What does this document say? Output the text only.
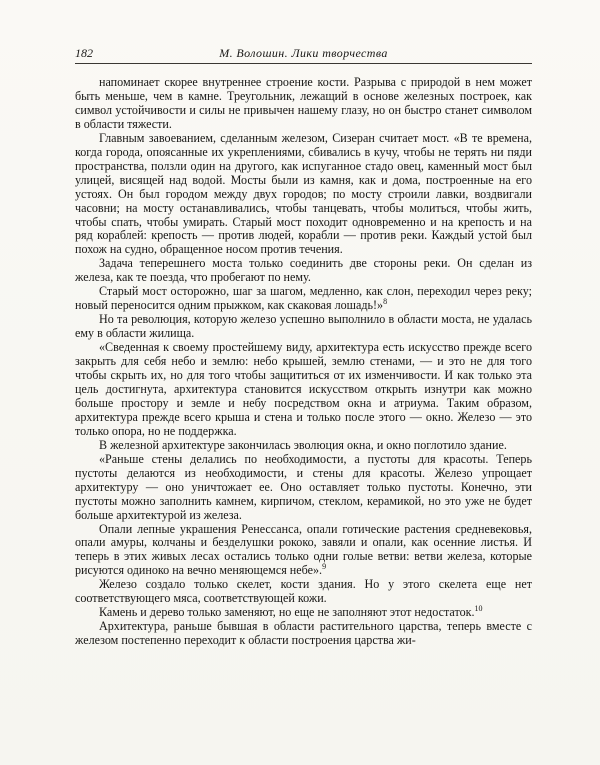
182	М. Волошин. Лики творчества

напоминает скорее внутреннее строение кости. Разрыва с природой в нем может быть меньше, чем в камне. Треугольник, лежащий в основе железных построек, как символ устойчивости и силы не привычен нашему глазу, но он быстро станет символом в области тяжести.

Главным завоеванием, сделанным железом, Сизеран считает мост. «В те времена, когда города, опоясанные их укреплениями, сбивались в кучу, чтобы не терять ни пяди пространства, ползли один на другого, как испуганное стадо овец, каменный мост был улицей, висящей над водой. Мосты были из камня, как и дома, построенные на его устоях. Он был городом между двух городов; по мосту строили лавки, воздвигали часовни; на мосту останавливались, чтобы танцевать, чтобы молиться, чтобы жить, чтобы спать, чтобы умирать. Старый мост походит одновременно и на крепость и на ряд кораблей: крепость — против людей, корабли — против реки. Каждый устой был похож на судно, обращенное носом против течения.

Задача теперешнего моста только соединить две стороны реки. Он сделан из железа, как те поезда, что пробегают по нему.

Старый мост осторожно, шаг за шагом, медленно, как слон, переходил через реку; новый переносится одним прыжком, как скаковая лошадь!»$^8$

Но та революция, которую железо успешно выполнило в области моста, не удалась ему в области жилища.

«Сведенная к своему простейшему виду, архитектура есть искусство прежде всего закрыть для себя небо и землю: небо крышей, землю стенами, — и это не для того чтобы скрыть их, но для того чтобы защититься от их изменчивости. И как только эта цель достигнута, архитектура становится искусством открыть изнутри как можно больше простору и земле и небу посредством окна и атриума. Таким образом, архитектура прежде всего крыша и стена и только после этого — окно. Железо — это только опора, но не поддержка.

В железной архитектуре закончилась эволюция окна, и окно поглотило здание.

«Раньше стены делались по необходимости, а пустоты для красоты. Теперь пустоты делаются из необходимости, и стены для красоты. Железо упрощает архитектуру — оно уничтожает ее. Оно оставляет только пустоты. Конечно, эти пустоты можно заполнить камнем, кирпичом, стеклом, керамикой, но это уже не будет больше архитектурой из железа.

Опали лепные украшения Ренессанса, опали готические растения средневековья, опали амуры, колчаны и безделушки рококо, завяли и опали, как осенние листья. И теперь в этих живых лесах остались только одни голые ветви: ветви железа, которые рисуются одиноко на вечно меняющемся небе».$^9$

Железо создало только скелет, кости здания. Но у этого скелета еще нет соответствующего мяса, соответствующей кожи.

Камень и дерево только заменяют, но еще не заполняют этот недостаток.$^{10}$

Архитектура, раньше бывшая в области растительного царства, теперь вместе с железом постепенно переходит к области построения царства жи-
